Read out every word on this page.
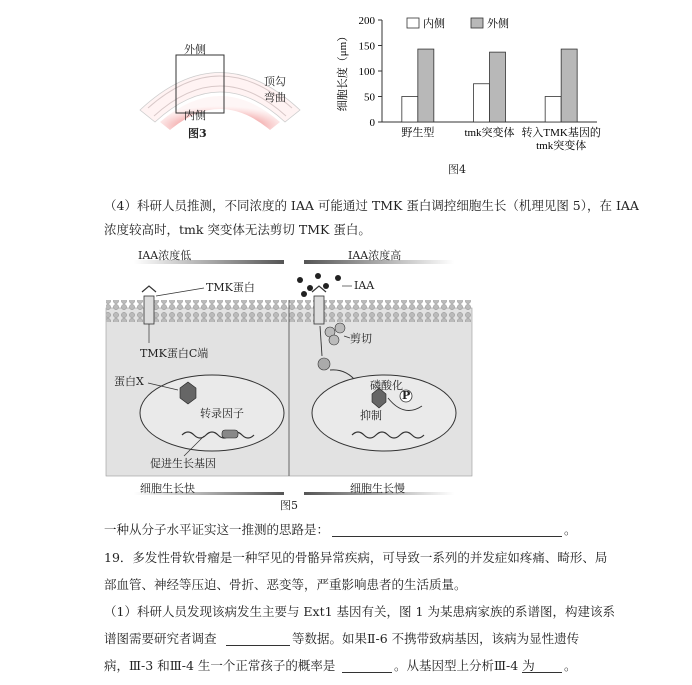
外侧
内侧
顶勾
弯曲
图3
0
50
100
150
200
细胞长度（μm）
野生型	tmk突变体 转入TMK基因的
tmk突变体
内侧	外侧
图4
（4）科研人员推测，不同浓度的 IAA 可能通过 TMK 蛋白调控细胞生长（机理见图 5），在 IAA
浓度较高时，tmk 突变体无法剪切 TMK 蛋白。
IAA浓度低	IAA浓度高
TMK蛋白	IAA
剪切
TMK蛋白C端
蛋白X
转录因子
促进生长基因
磷酸化
P
抑制
细胞生长快	细胞生长慢
图5
一种从分子水平证实这一推测的思路是：	。
19．多发性骨软骨瘤是一种罕见的骨骼异常疾病，可导致一系列的并发症如疼痛、畸形、局
部血管、神经等压迫、骨折、恶变等，严重影响患者的生活质量。
（1）科研人员发现该病发生主要与 Ext1 基因有关，图 1 为某患病家族的系谱图，构建该系
谱图需要研究者调查	等数据。如果Ⅱ-6 不携带致病基因，该病为显性遗传
病，Ⅲ-3 和Ⅲ-4 生一个正常孩子的概率是	。从基因型上分析Ⅲ-4 为 。
